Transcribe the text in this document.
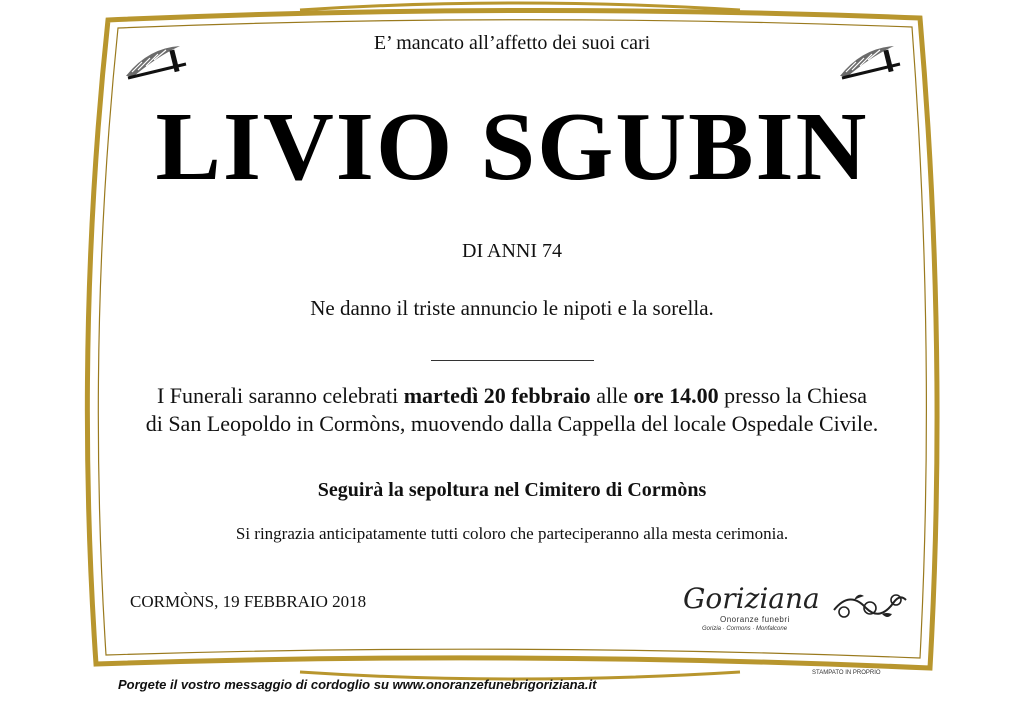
E’ mancato all’affetto dei suoi cari
LIVIO SGUBIN
DI ANNI 74
Ne danno il triste annuncio le nipoti e la sorella.
I Funerali saranno celebrati martedì 20 febbraio alle ore 14.00 presso la Chiesa
di San Leopoldo in Cormòns, muovendo dalla Cappella del locale Ospedale Civile.
Seguirà la sepoltura nel Cimitero di Cormòns
Si ringrazia anticipatamente tutti coloro che parteciperanno alla mesta cerimonia.
CORMÒNS, 19 FEBBRAIO 2018	Goriziana
Onoranze funebri
Gorizia · Cormons · Monfalcone
STAMPATO IN PROPRIO
Porgete il vostro messaggio di cordoglio su www.onoranzefunebrigoriziana.it
